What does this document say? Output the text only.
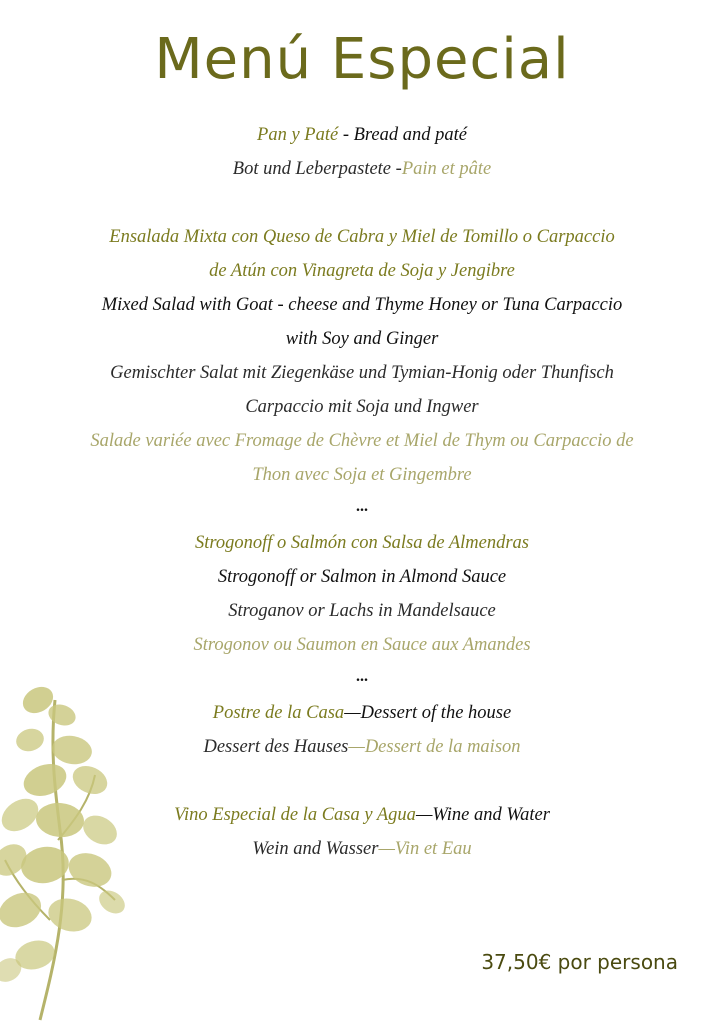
Menú Especial
Pan y Paté - Bread and paté
Bot und Leberpastete -Pain et pâte
Ensalada Mixta con Queso de Cabra y Miel de Tomillo o Carpaccio
de Atún con Vinagreta de Soja y Jengibre
Mixed Salad with Goat - cheese and Thyme Honey or Tuna Carpaccio
with Soy and Ginger
Gemischter Salat mit Ziegenkäse und Tymian-Honig oder Thunfisch
Carpaccio mit Soja und Ingwer
Salade variée avec Fromage de Chèvre et Miel de Thym ou Carpaccio de
Thon avec Soja et Gingembre
...
Strogonoff o Salmón con Salsa de Almendras
Strogonoff or Salmon in Almond Sauce
Stroganov or Lachs in Mandelsauce
Strogonov ou Saumon en Sauce aux Amandes
...
Postre de la Casa—Dessert of the house
Dessert des Hauses—Dessert de la maison
Vino Especial de la Casa y Agua—Wine and Water
Wein and Wasser—Vin et Eau
37,50€ por persona
